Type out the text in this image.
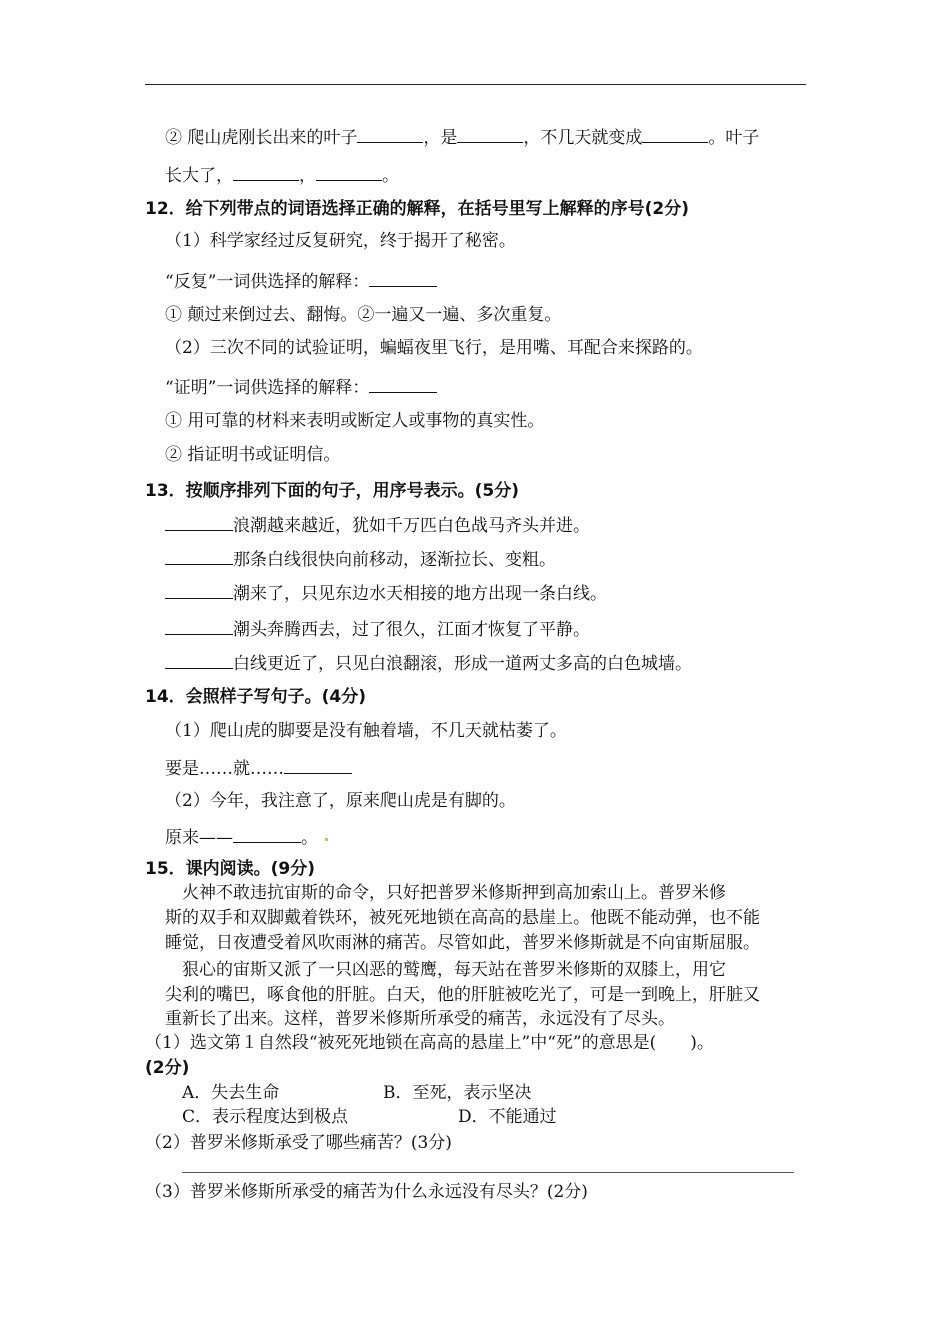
② 爬山虎刚长出来的叶子	，是	，不几天就变成	。叶子
长大了，	，	。
12．给下列带点的词语选择正确的解释，在括号里写上解释的序号(2分)
（1）科学家经过反复研究，终于揭开了秘密。
“反复”一词供选择的解释：
① 颠过来倒过去、翻悔。②一遍又一遍、多次重复。
（2）三次不同的试验证明，蝙蝠夜里飞行，是用嘴、耳配合来探路的。
“证明”一词供选择的解释：
① 用可靠的材料来表明或断定人或事物的真实性。
② 指证明书或证明信。
13．按顺序排列下面的句子，用序号表示。(5分)
浪潮越来越近，犹如千万匹白色战马齐头并进。
那条白线很快向前移动，逐渐拉长、变粗。
潮来了，只见东边水天相接的地方出现一条白线。
潮头奔腾西去，过了很久，江面才恢复了平静。
白线更近了，只见白浪翻滚，形成一道两丈多高的白色城墙。
14．会照样子写句子。(4分)
（1）爬山虎的脚要是没有触着墙，不几天就枯萎了。
要是……就……
（2）今年，我注意了，原来爬山虎是有脚的。
原来——	。
15．课内阅读。(9分)
火神不敢违抗宙斯的命令，只好把普罗米修斯押到高加索山上。普罗米修
斯的双手和双脚戴着铁环，被死死地锁在高高的悬崖上。他既不能动弹，也不能
睡觉，日夜遭受着风吹雨淋的痛苦。尽管如此，普罗米修斯就是不向宙斯屈服。
狠心的宙斯又派了一只凶恶的鹫鹰，每天站在普罗米修斯的双膝上，用它
尖利的嘴巴，啄食他的肝脏。白天，他的肝脏被吃光了，可是一到晚上，肝脏又
重新长了出来。这样，普罗米修斯所承受的痛苦，永远没有了尽头。
（1）选文第１自然段“被死死地锁在高高的悬崖上”中“死”的意思是(　　)。
(2分)
A．失去生命	B．至死，表示坚决
C．表示程度达到极点	D．不能通过
（2）普罗米修斯承受了哪些痛苦？(3分)
（3）普罗米修斯所承受的痛苦为什么永远没有尽头？(2分)
